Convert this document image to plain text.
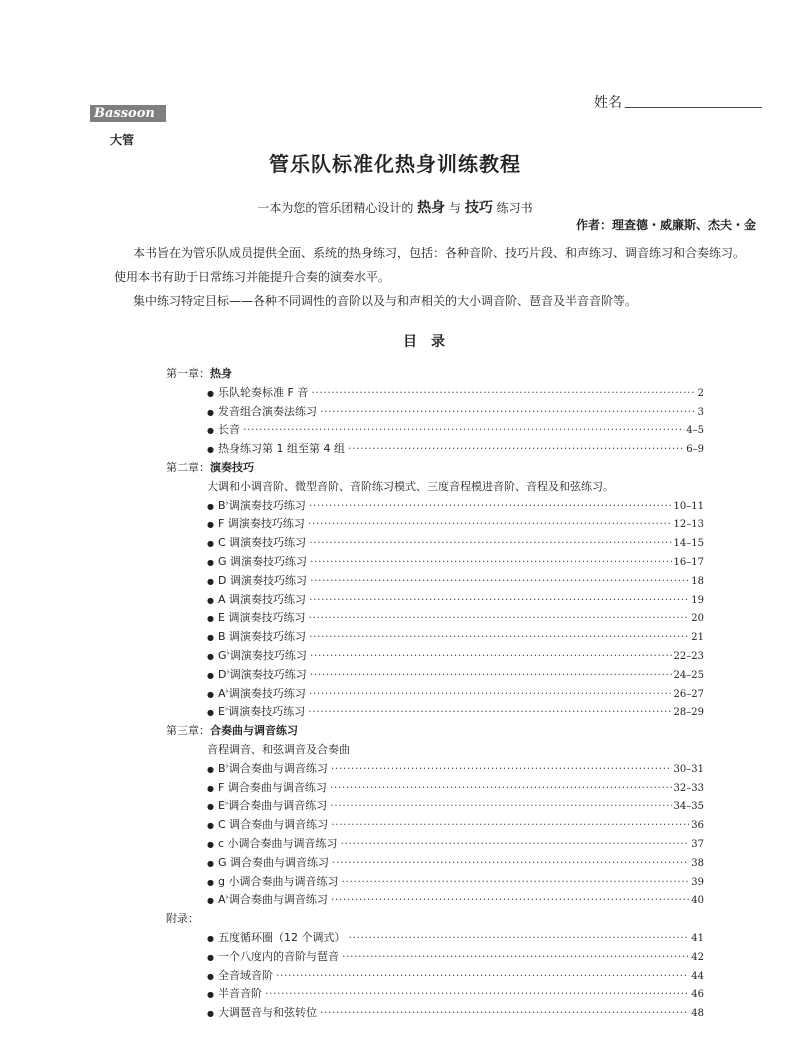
姓名
Bassoon
大管
管乐队标准化热身训练教程
一本为您的管乐团精心设计的 热身 与 技巧 练习书
作者：理查德・威廉斯、杰夫・金
本书旨在为管乐队成员提供全面、系统的热身练习，包括：各种音阶、技巧片段、和声练习、调音练习和合奏练习。
使用本书有助于日常练习并能提升合奏的演奏水平。
集中练习特定目标——各种不同调性的音阶以及与和声相关的大小调音阶、琶音及半音音阶等。
目录
第一章：热身
● 乐队轮奏标准 F 音 ·····	2
● 发音组合演奏法练习 ·····	3
● 长音 ·····	4–5
● 热身练习第 1 组至第 4 组 ·····	6–9
第二章：演奏技巧
大调和小调音阶、微型音阶、音阶练习模式、三度音程模进音阶、音程及和弦练习。
● B♭调演奏技巧练习 ·····	10–11
● F 调演奏技巧练习 ·····	12–13
● C 调演奏技巧练习 ·····	14–15
● G 调演奏技巧练习 ·····	16–17
● D 调演奏技巧练习 ·····	18
● A 调演奏技巧练习 ·····	19
● E 调演奏技巧练习 ·····	20
● B 调演奏技巧练习 ·····	21
● G♭调演奏技巧练习 ·····	22–23
● D♭调演奏技巧练习 ·····	24–25
● A♭调演奏技巧练习 ·····	26–27
● E♭调演奏技巧练习 ·····	28–29
第三章：合奏曲与调音练习
音程调音、和弦调音及合奏曲
● B♭调合奏曲与调音练习 ·····	30–31
● F 调合奏曲与调音练习 ·····	32–33
● E♭调合奏曲与调音练习 ·····	34–35
● C 调合奏曲与调音练习 ·····	36
● c 小调合奏曲与调音练习 ·····	37
● G 调合奏曲与调音练习 ·····	38
● g 小调合奏曲与调音练习 ·····	39
● A♭调合奏曲与调音练习 ·····	40
附录：
● 五度循环圈（12 个调式） ·····	41
● 一个八度内的音阶与琶音 ·····	42
● 全音域音阶 ·····	44
● 半音音阶 ·····	46
● 大调琶音与和弦转位 ·····	48
